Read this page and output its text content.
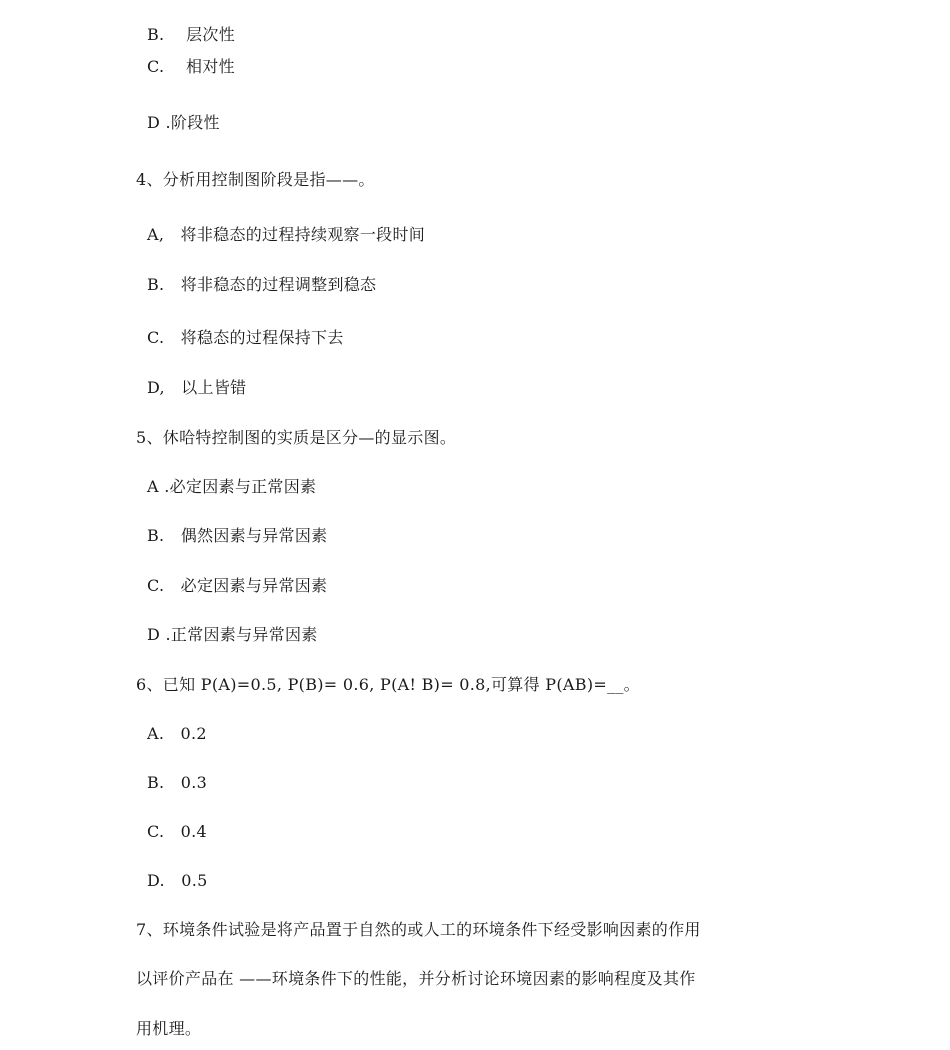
B.　 层次性
C.　 相对性
D .阶段性
4、分析用控制图阶段是指——。
A,　将非稳态的过程持续观察一段时间
B.　将非稳态的过程调整到稳态
C.　将稳态的过程保持下去
D,　以上皆错
5、休哈特控制图的实质是区分—的显示图。
A .必定因素与正常因素
B.　偶然因素与异常因素
C.　必定因素与异常因素
D .正常因素与异常因素
6、已知 P(A)=0.5, P(B)= 0.6, P(A! B)= 0.8,可算得 P(AB)=__。
A.　0.2
B.　0.3
C.　0.4
D.　0.5
7、环境条件试验是将产品置于自然的或人工的环境条件下经受影响因素的作用
以评价产品在 ——环境条件下的性能，并分析讨论环境因素的影响程度及其作
用机理。
